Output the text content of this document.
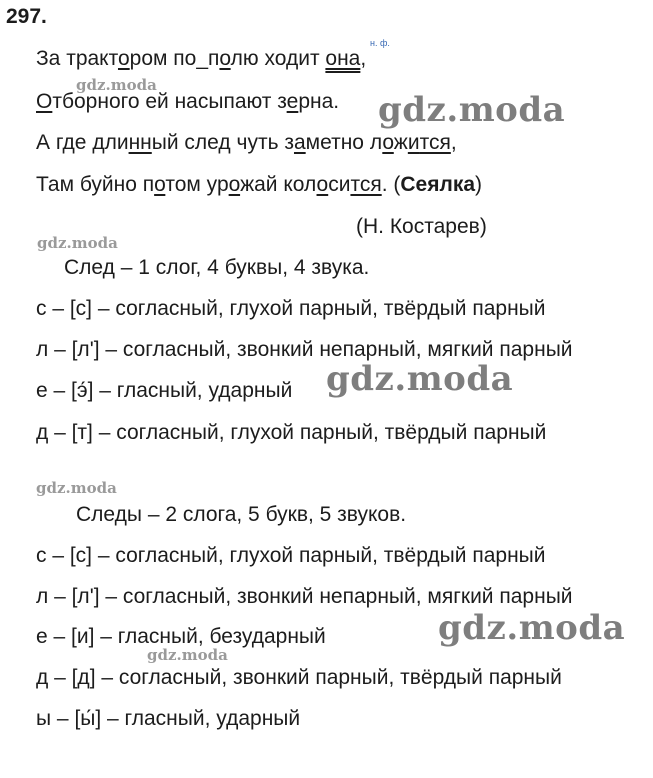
297.
н. ф.
За трактором по_полю ходит она,
Отборного ей насыпают зерна.
А где длинный след чуть заметно ложится,
Там буйно потом урожай колосится. (Сеялка)
(Н. Костарев)
След – 1 слог, 4 буквы, 4 звука.
с – [с] – согласный, глухой парный, твёрдый парный
л – [л'] – согласный, звонкий непарный, мягкий парный
е – [э́] – гласный, ударный
д – [т] – согласный, глухой парный, твёрдый парный
Следы – 2 слога, 5 букв, 5 звуков.
с – [с] – согласный, глухой парный, твёрдый парный
л – [л'] – согласный, звонкий непарный, мягкий парный
е – [и] – гласный, безударный
д – [д] – согласный, звонкий парный, твёрдый парный
ы – [ы́] – гласный, ударный
gdz.moda
gdz.moda
gdz.moda
gdz.moda
gdz.moda
gdz.moda
gdz.moda
